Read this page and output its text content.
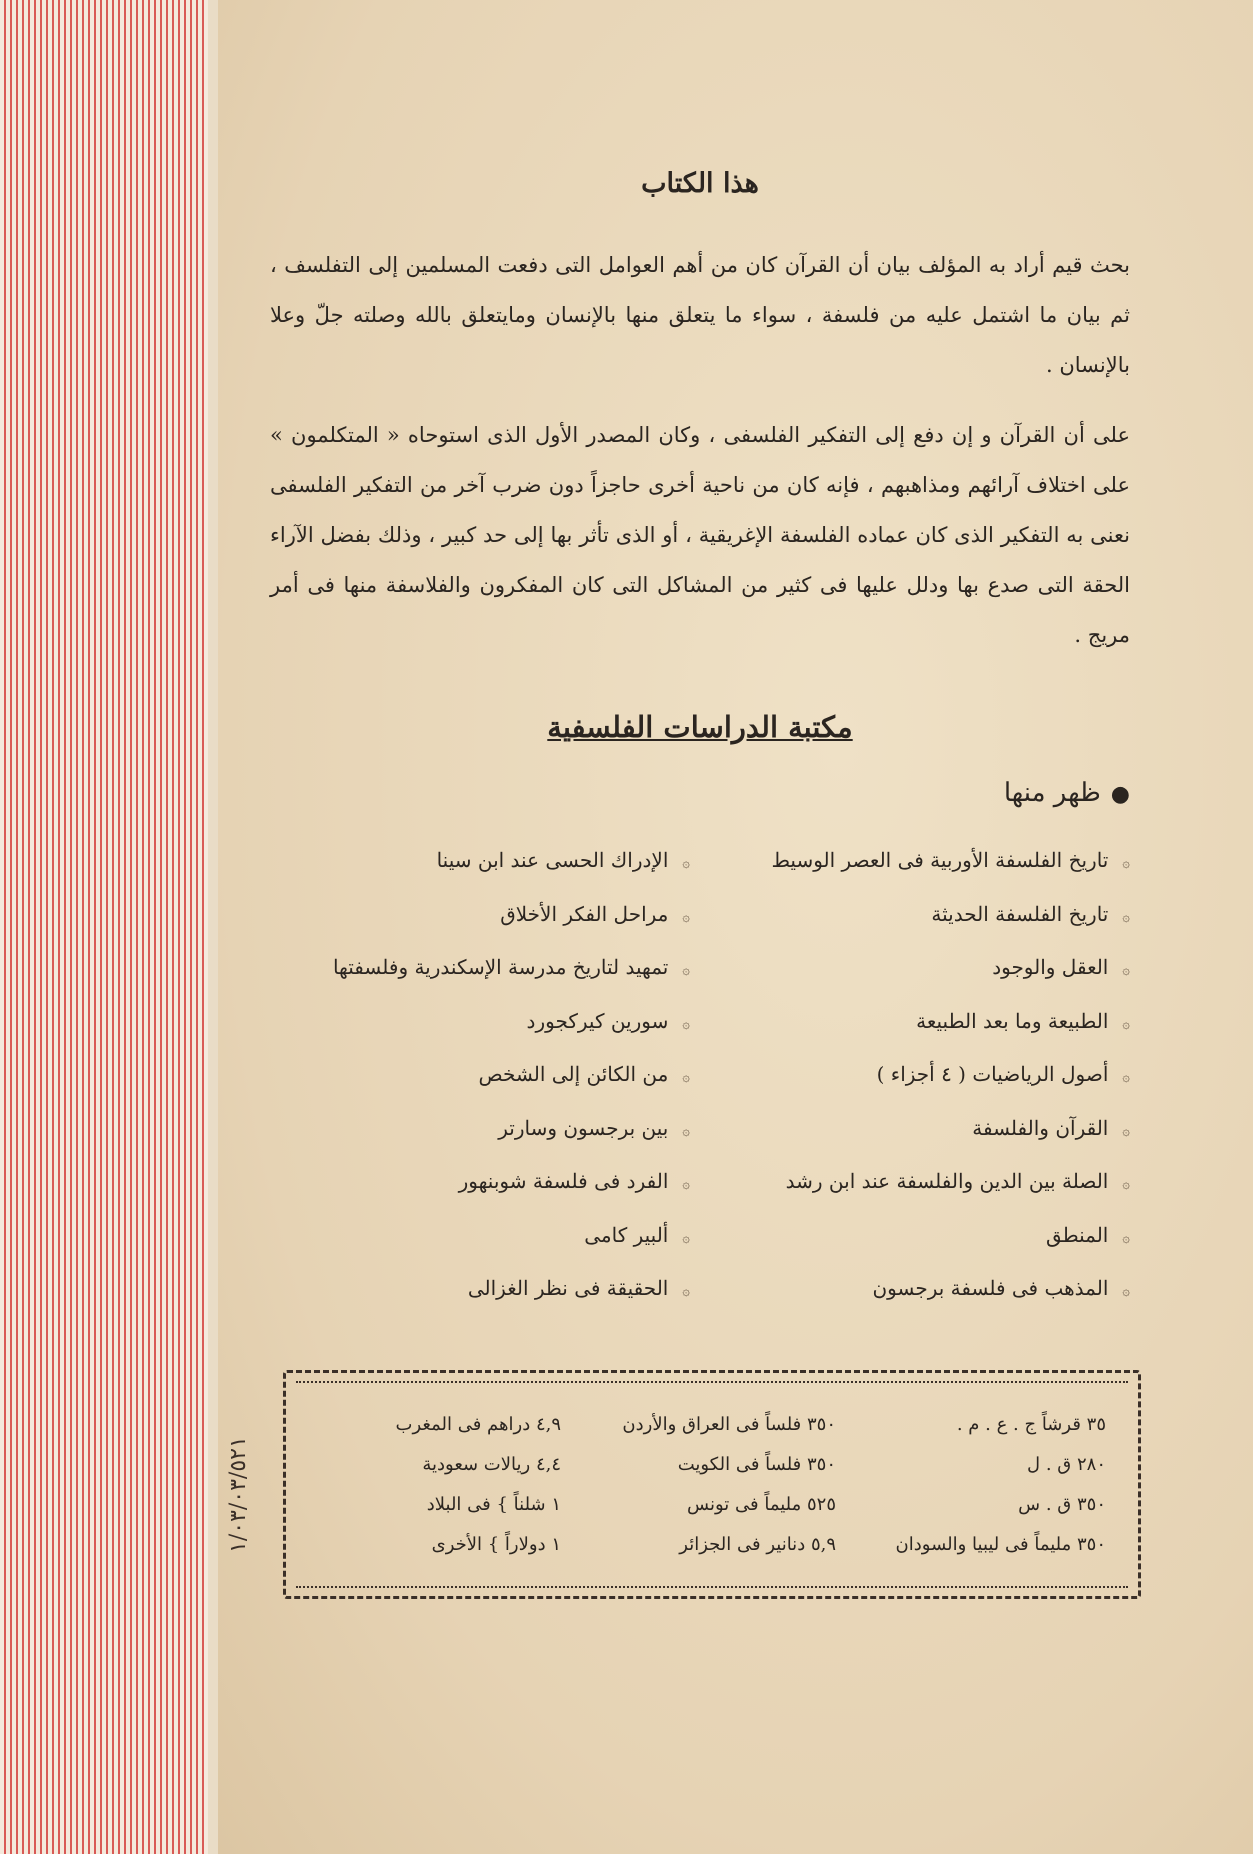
هذا الكتاب

بحث قيم أراد به المؤلف بيان أن القرآن كان من أهم العوامل التى دفعت المسلمين إلى التفلسف ، ثم بيان ما اشتمل عليه من فلسفة ، سواء ما يتعلق منها بالإنسان ومايتعلق بالله وصلته جلّ وعلا بالإنسان .

على أن القرآن و إن دفع إلى التفكير الفلسفى ، وكان المصدر الأول الذى استوحاه « المتكلمون » على اختلاف آرائهم ومذاهبهم ، فإنه كان من ناحية أخرى حاجزاً دون ضرب آخر من التفكير الفلسفى نعنى به التفكير الذى كان عماده الفلسفة الإغريقية ، أو الذى تأثر بها إلى حد كبير ، وذلك بفضل الآراء الحقة التى صدع بها ودلل عليها فى كثير من المشاكل التى كان المفكرون والفلاسفة منها فى أمر مريج .

مكتبة الدراسات الفلسفية

●ظهر منها

۞ تاريخ الفلسفة الأوربية فى العصر الوسيط
۞ تاريخ الفلسفة الحديثة
۞ العقل والوجود
۞ الطبيعة وما بعد الطبيعة
۞ أصول الرياضيات ( ٤ أجزاء )
۞ القرآن والفلسفة
۞ الصلة بين الدين والفلسفة عند ابن رشد
۞ المنطق
۞ المذهب فى فلسفة برجسون
۞ الإدراك الحسى عند ابن سينا
۞ مراحل الفكر الأخلاق
۞ تمهيد لتاريخ مدرسة الإسكندرية وفلسفتها
۞ سورين كيركجورد
۞ من الكائن إلى الشخص
۞ بين برجسون وسارتر
۞ الفرد فى فلسفة شوبنهور
۞ ألبير كامى
۞ الحقيقة فى نظر الغزالى
١/٠٣/٠٣/٥٢١
٣٥ قرشاً ج . ع . م .
٣٥٠ فلساً فى العراق والأردن
٤,٩ دراهم فى المغرب
٢٨٠ ق . ل
٣٥٠ فلساً فى الكويت
٤,٤ ريالات سعودية
٣٥٠ ق . س
٥٢٥ مليماً فى تونس
١ شلناً } فى البلاد
٣٥٠ مليماً فى ليبيا والسودان
٥,٩ دنانير فى الجزائر
١ دولاراً } الأخرى
